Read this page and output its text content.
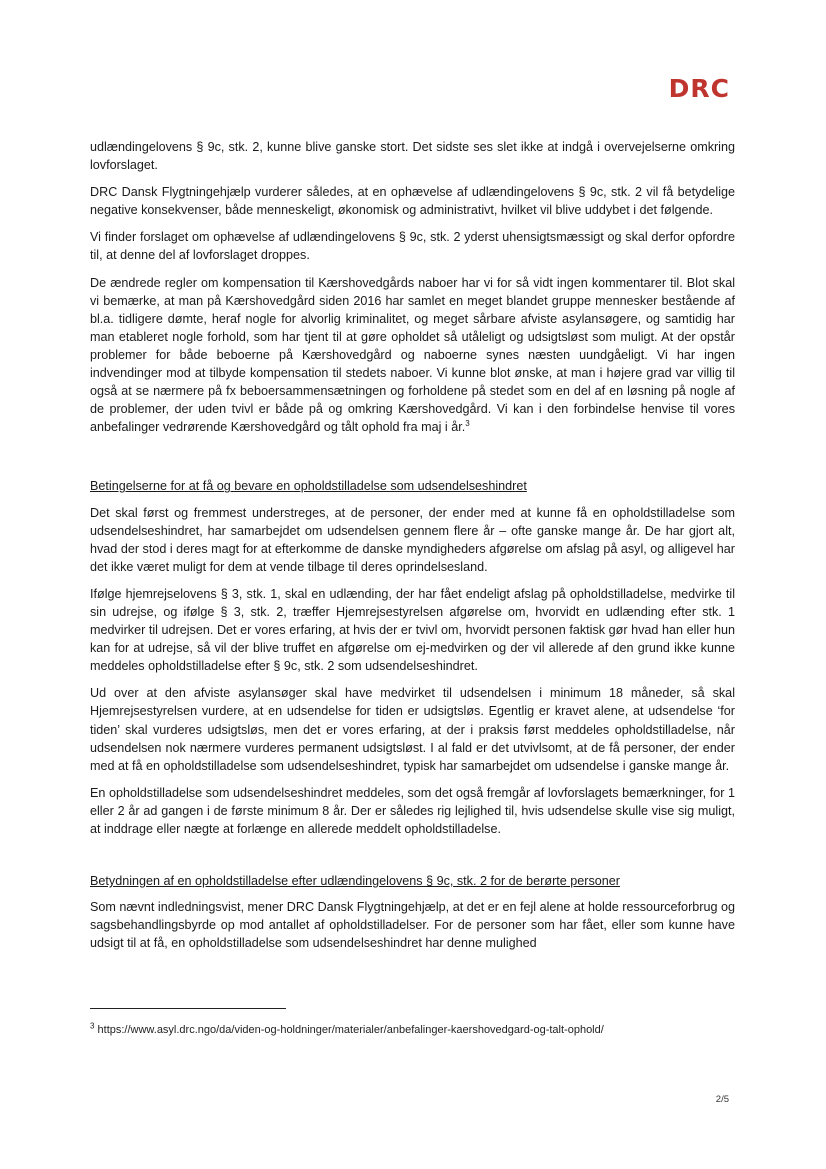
DRC

udlændingelovens § 9c, stk. 2, kunne blive ganske stort. Det sidste ses slet ikke at indgå i overvejelserne omkring lovforslaget.

DRC Dansk Flygtningehjælp vurderer således, at en ophævelse af udlændingelovens § 9c, stk. 2 vil få betydelige negative konsekvenser, både menneskeligt, økonomisk og administrativt, hvilket vil blive uddybet i det følgende.

Vi finder forslaget om ophævelse af udlændingelovens § 9c, stk. 2 yderst uhensigtsmæssigt og skal derfor opfordre til, at denne del af lovforslaget droppes.

De ændrede regler om kompensation til Kærshovedgårds naboer har vi for så vidt ingen kommentarer til. Blot skal vi bemærke, at man på Kærshovedgård siden 2016 har samlet en meget blandet gruppe mennesker bestående af bl.a. tidligere dømte, heraf nogle for alvorlig kriminalitet, og meget sårbare afviste asylansøgere, og samtidig har man etableret nogle forhold, som har tjent til at gøre opholdet så utåleligt og udsigtsløst som muligt. At der opstår problemer for både beboerne på Kærshovedgård og naboerne synes næsten uundgåeligt. Vi har ingen indvendinger mod at tilbyde kompensation til stedets naboer. Vi kunne blot ønske, at man i højere grad var villig til også at se nærmere på fx beboersammensætningen og forholdene på stedet som en del af en løsning på nogle af de problemer, der uden tvivl er både på og omkring Kærshovedgård. Vi kan i den forbindelse henvise til vores anbefalinger vedrørende Kærshovedgård og tålt ophold fra maj i år.$^3$

Betingelserne for at få og bevare en opholdstilladelse som udsendelseshindret

Det skal først og fremmest understreges, at de personer, der ender med at kunne få en opholdstilladelse som udsendelseshindret, har samarbejdet om udsendelsen gennem flere år – ofte ganske mange år. De har gjort alt, hvad der stod i deres magt for at efterkomme de danske myndigheders afgørelse om afslag på asyl, og alligevel har det ikke været muligt for dem at vende tilbage til deres oprindelsesland.

Ifølge hjemrejselovens § 3, stk. 1, skal en udlænding, der har fået endeligt afslag på opholdstilladelse, medvirke til sin udrejse, og ifølge § 3, stk. 2, træffer Hjemrejsestyrelsen afgørelse om, hvorvidt en udlænding efter stk. 1 medvirker til udrejsen. Det er vores erfaring, at hvis der er tvivl om, hvorvidt personen faktisk gør hvad han eller hun kan for at udrejse, så vil der blive truffet en afgørelse om ej-medvirken og der vil allerede af den grund ikke kunne meddeles opholdstilladelse efter § 9c, stk. 2 som udsendelseshindret.

Ud over at den afviste asylansøger skal have medvirket til udsendelsen i minimum 18 måneder, så skal Hjemrejsestyrelsen vurdere, at en udsendelse for tiden er udsigtsløs. Egentlig er kravet alene, at udsendelse ‘for tiden’ skal vurderes udsigtsløs, men det er vores erfaring, at der i praksis først meddeles opholdstilladelse, når udsendelsen nok nærmere vurderes permanent udsigtsløst. I al fald er det utvivlsomt, at de få personer, der ender med at få en opholdstilladelse som udsendelseshindret, typisk har samarbejdet om udsendelse i ganske mange år.

En opholdstilladelse som udsendelseshindret meddeles, som det også fremgår af lovforslagets bemærkninger, for 1 eller 2 år ad gangen i de første minimum 8 år. Der er således rig lejlighed til, hvis udsendelse skulle vise sig muligt, at inddrage eller nægte at forlænge en allerede meddelt opholdstilladelse.

Betydningen af en opholdstilladelse efter udlændingelovens § 9c, stk. 2 for de berørte personer

Som nævnt indledningsvist, mener DRC Dansk Flygtningehjælp, at det er en fejl alene at holde ressourceforbrug og sagsbehandlingsbyrde op mod antallet af opholdstilladelser. For de personer som har fået, eller som kunne have udsigt til at få, en opholdstilladelse som udsendelseshindret har denne mulighed

$^3$ https://www.asyl.drc.ngo/da/viden-og-holdninger/materialer/anbefalinger-kaershovedgard-og-talt-ophold/
2/5
